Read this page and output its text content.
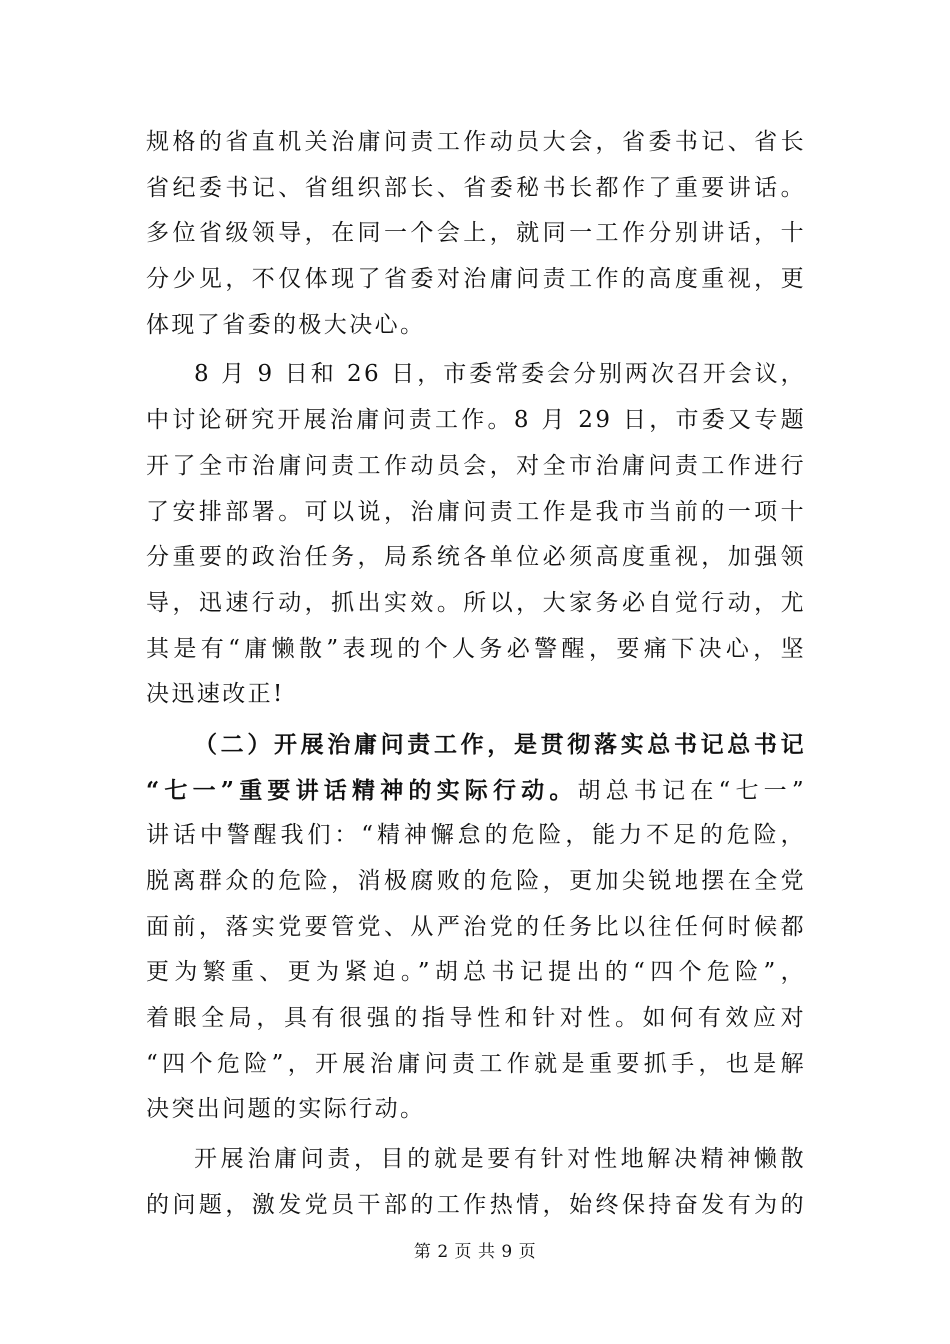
规格的省直机关治庸问责工作动员大会，省委书记、省长
省纪委书记、省组织部长、省委秘书长都作了重要讲话。
多位省级领导，在同一个会上，就同一工作分别讲话，十
分少见，不仅体现了省委对治庸问责工作的高度重视，更
体现了省委的极大决心。
8 月 9 日和 26 日，市委常委会分别两次召开会议，
中讨论研究开展治庸问责工作。8 月 29 日，市委又专题
开了全市治庸问责工作动员会，对全市治庸问责工作进行
了安排部署。可以说，治庸问责工作是我市当前的一项十
分重要的政治任务，局系统各单位必须高度重视，加强领
导，迅速行动，抓出实效。所以，大家务必自觉行动，尤
其是有“庸懒散”表现的个人务必警醒，要痛下决心，坚
决迅速改正!
（二）开展治庸问责工作，是贯彻落实总书记总书记
“七一”重要讲话精神的实际行动。胡总书记在“七一”
讲话中警醒我们：“精神懈怠的危险，能力不足的危险，
脱离群众的危险，消极腐败的危险，更加尖锐地摆在全党
面前，落实党要管党、从严治党的任务比以往任何时候都
更为繁重、更为紧迫。”胡总书记提出的“四个危险”，
着眼全局，具有很强的指导性和针对性。如何有效应对
“四个危险”，开展治庸问责工作就是重要抓手，也是解
决突出问题的实际行动。
开展治庸问责，目的就是要有针对性地解决精神懒散
的问题，激发党员干部的工作热情，始终保持奋发有为的
第 2 页 共 9 页
